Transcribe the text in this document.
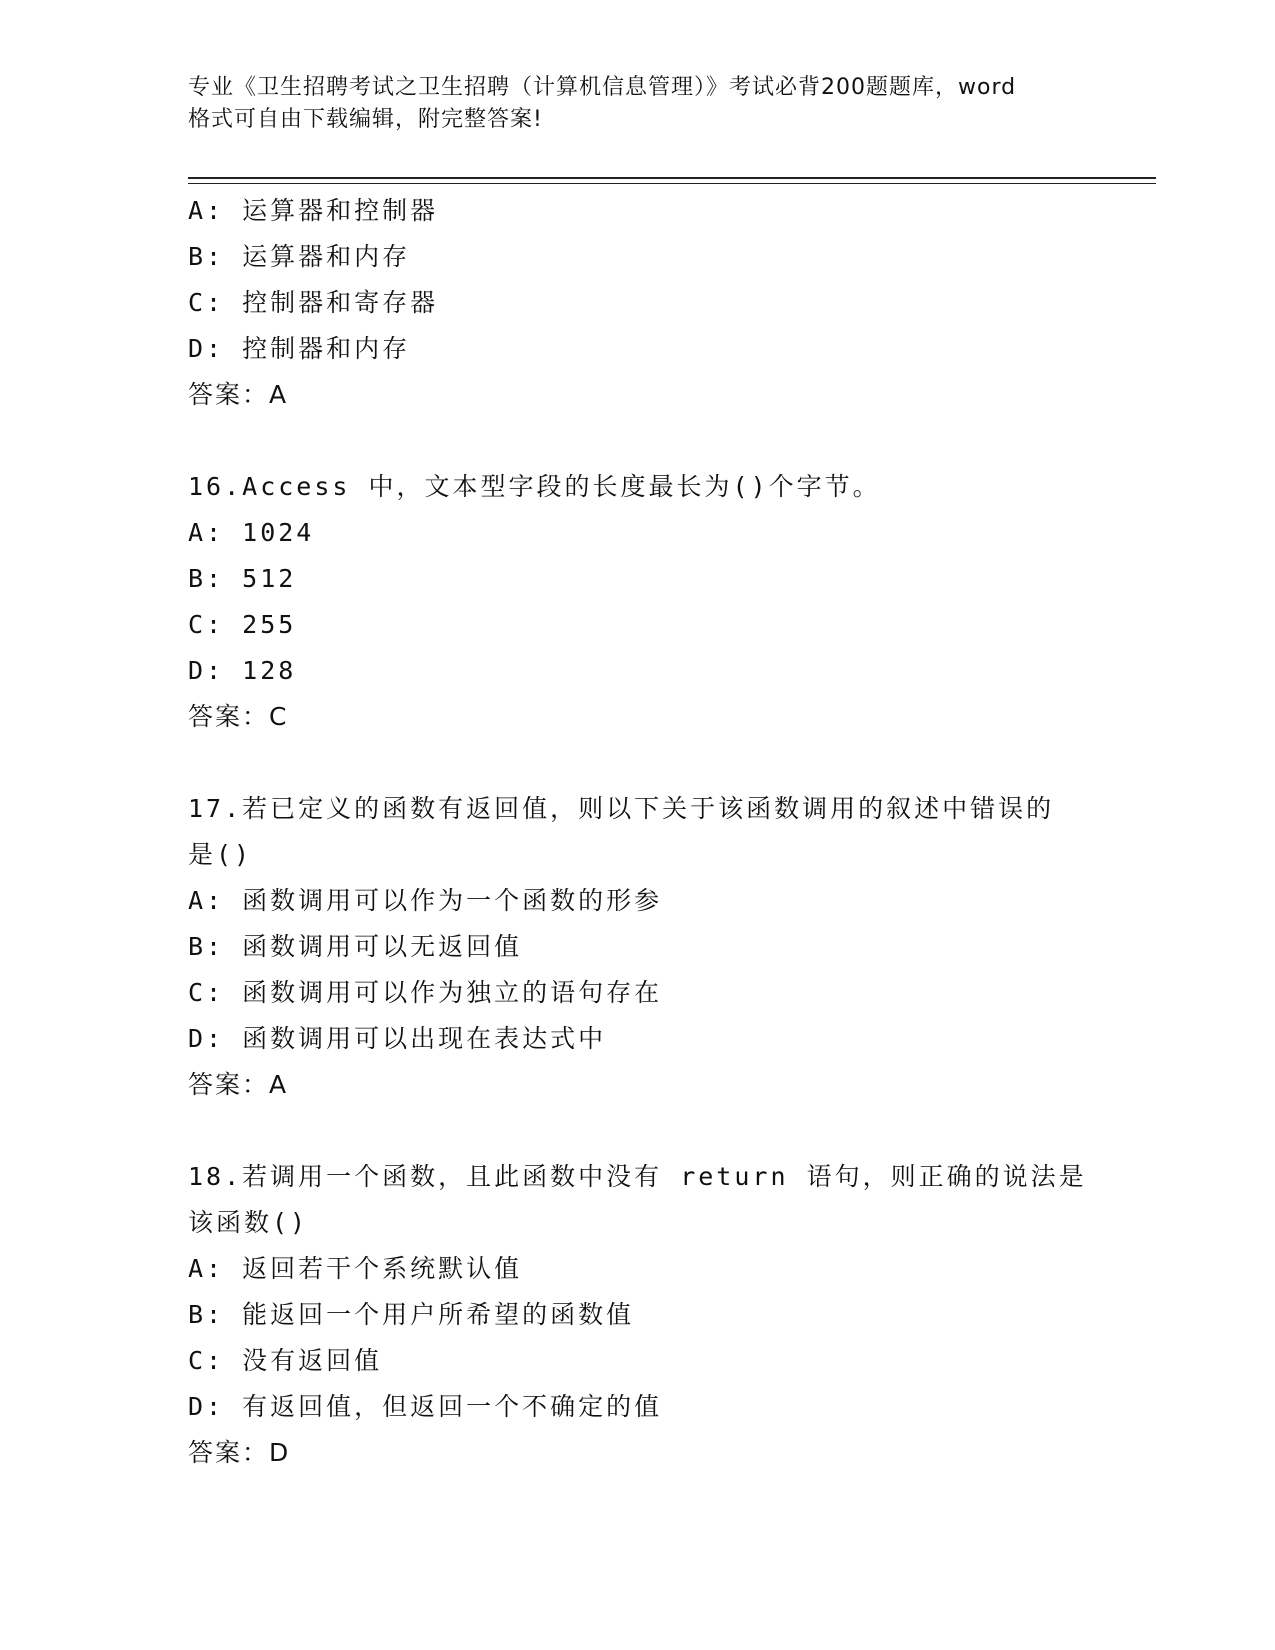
专业《卫生招聘考试之卫生招聘（计算机信息管理）》考试必背200题题库，word
格式可自由下载编辑，附完整答案!
A: 运算器和控制器
B: 运算器和内存
C: 控制器和寄存器
D: 控制器和内存
答案：A
16.Access 中，文本型字段的长度最长为()个字节。
A: 1024
B: 512
C: 255
D: 128
答案：C
17.若已定义的函数有返回值，则以下关于该函数调用的叙述中错误的
是()
A: 函数调用可以作为一个函数的形参
B: 函数调用可以无返回值
C: 函数调用可以作为独立的语句存在
D: 函数调用可以出现在表达式中
答案：A
18.若调用一个函数，且此函数中没有 return 语句，则正确的说法是
该函数()
A: 返回若干个系统默认值
B: 能返回一个用户所希望的函数值
C: 没有返回值
D: 有返回值，但返回一个不确定的值
答案：D
